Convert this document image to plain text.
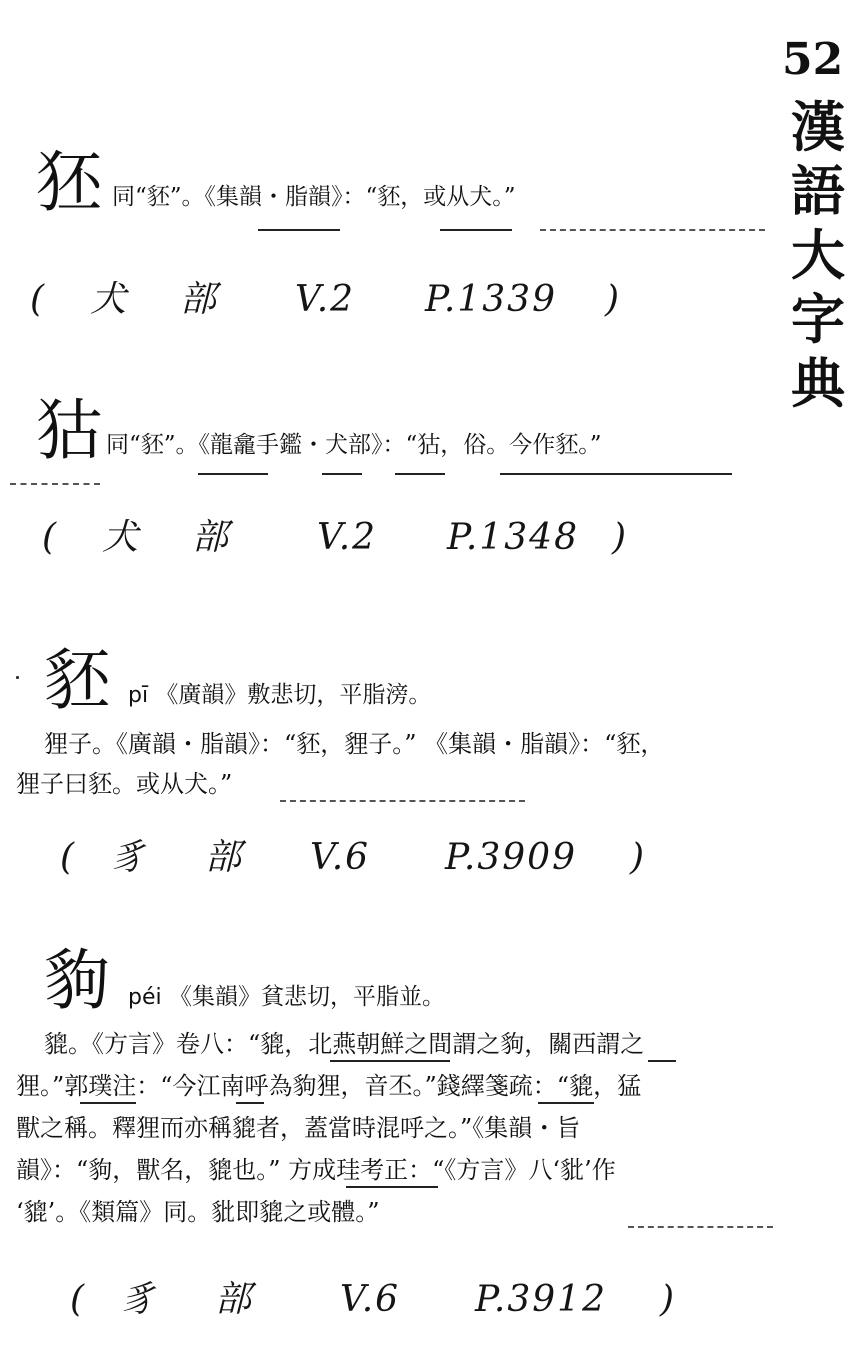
52
漢
語
大
字
典
狉 同“豾”。《集韻・脂韻》：“豾，或从犬。”
( 犬 部 V.2 P.1339 )
狜 同“豾”。《龍龕手鑑・犬部》：“狜，俗。今作豾。”
( 犬 部 V.2 P.1348 )
豾 pī 《廣韻》敷悲切，平脂滂。
狸子。《廣韻・脂韻》：“豾，貍子。” 《集韻・脂韻》：“豾，
狸子曰豾。或从犬。”
( 豸 部 V.6 P.3909 )
豿 péi 《集韻》貧悲切，平脂並。
貔。《方言》卷八：“貔，北燕朝鮮之間謂之豿，關西謂之
狸。”郭璞注：“今江南呼為豿狸，音丕。”錢繹箋疏：“貔，猛
獸之稱。釋狸而亦稱貔者，蓋當時混呼之。”《集韻・旨
韻》：“豿，獸名，貔也。” 方成珪考正：“《方言》八‘豼’作
‘貔’。《類篇》同。豼即貔之或體。”
( 豸 部 V.6 P.3912 )
